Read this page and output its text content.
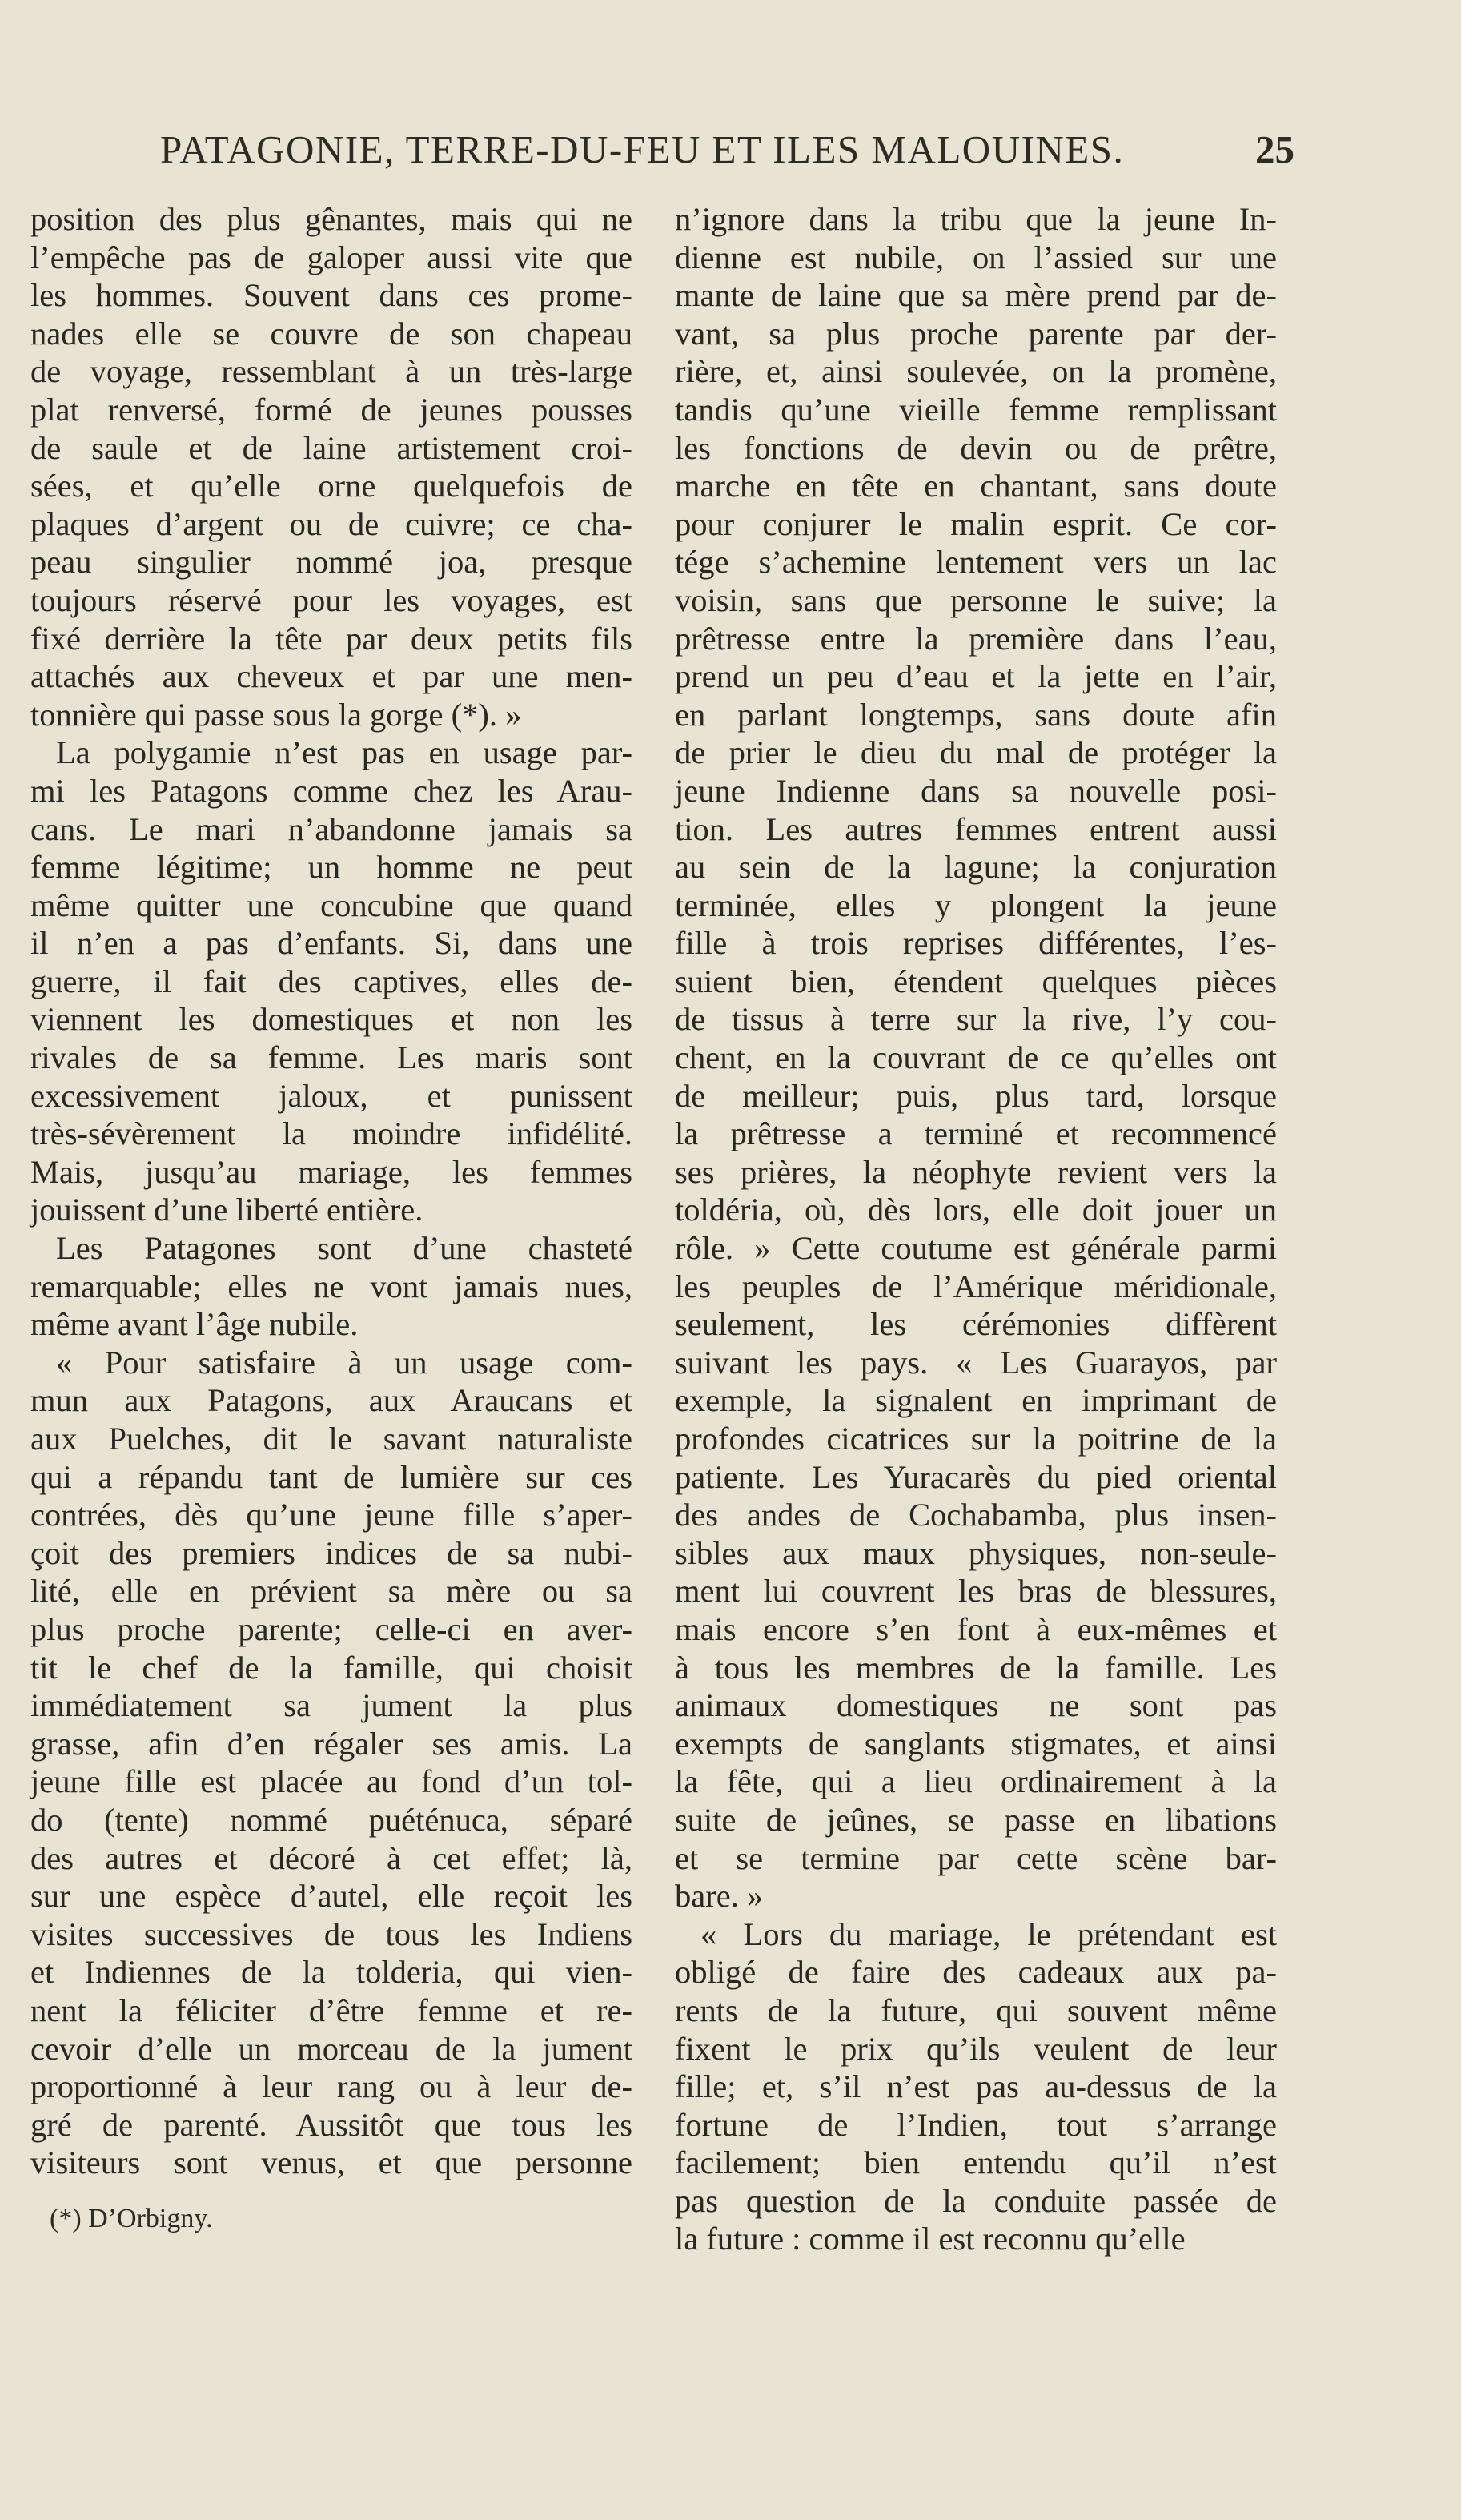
PATAGONIE, TERRE-DU-FEU ET ILES MALOUINES.	25
position des plus gênantes, mais qui ne
l’empêche pas de galoper aussi vite que
les hommes. Souvent dans ces prome-
nades elle se couvre de son chapeau
de voyage, ressemblant à un très-large
plat renversé, formé de jeunes pousses
de saule et de laine artistement croi-
sées, et qu’elle orne quelquefois de
plaques d’argent ou de cuivre; ce cha-
peau singulier nommé joa, presque
toujours réservé pour les voyages, est
fixé derrière la tête par deux petits fils
attachés aux cheveux et par une men-
tonnière qui passe sous la gorge (*). »
La polygamie n’est pas en usage par-
mi les Patagons comme chez les Arau-
cans. Le mari n’abandonne jamais sa
femme légitime; un homme ne peut
même quitter une concubine que quand
il n’en a pas d’enfants. Si, dans une
guerre, il fait des captives, elles de-
viennent les domestiques et non les
rivales de sa femme. Les maris sont
excessivement jaloux, et punissent
très-sévèrement la moindre infidélité.
Mais, jusqu’au mariage, les femmes
jouissent d’une liberté entière.
Les Patagones sont d’une chasteté
remarquable; elles ne vont jamais nues,
même avant l’âge nubile.
« Pour satisfaire à un usage com-
mun aux Patagons, aux Araucans et
aux Puelches, dit le savant naturaliste
qui a répandu tant de lumière sur ces
contrées, dès qu’une jeune fille s’aper-
çoit des premiers indices de sa nubi-
lité, elle en prévient sa mère ou sa
plus proche parente; celle-ci en aver-
tit le chef de la famille, qui choisit
immédiatement sa jument la plus
grasse, afin d’en régaler ses amis. La
jeune fille est placée au fond d’un tol-
do (tente) nommé puéténuca, séparé
des autres et décoré à cet effet; là,
sur une espèce d’autel, elle reçoit les
visites successives de tous les Indiens
et Indiennes de la tolderia, qui vien-
nent la féliciter d’être femme et re-
cevoir d’elle un morceau de la jument
proportionné à leur rang ou à leur de-
gré de parenté. Aussitôt que tous les
visiteurs sont venus, et que personne
n’ignore dans la tribu que la jeune In-
dienne est nubile, on l’assied sur une
mante de laine que sa mère prend par de-
vant, sa plus proche parente par der-
rière, et, ainsi soulevée, on la promène,
tandis qu’une vieille femme remplissant
les fonctions de devin ou de prêtre,
marche en tête en chantant, sans doute
pour conjurer le malin esprit. Ce cor-
tége s’achemine lentement vers un lac
voisin, sans que personne le suive; la
prêtresse entre la première dans l’eau,
prend un peu d’eau et la jette en l’air,
en parlant longtemps, sans doute afin
de prier le dieu du mal de protéger la
jeune Indienne dans sa nouvelle posi-
tion. Les autres femmes entrent aussi
au sein de la lagune; la conjuration
terminée, elles y plongent la jeune
fille à trois reprises différentes, l’es-
suient bien, étendent quelques pièces
de tissus à terre sur la rive, l’y cou-
chent, en la couvrant de ce qu’elles ont
de meilleur; puis, plus tard, lorsque
la prêtresse a terminé et recommencé
ses prières, la néophyte revient vers la
toldéria, où, dès lors, elle doit jouer un
rôle. » Cette coutume est générale parmi
les peuples de l’Amérique méridionale,
seulement, les cérémonies diffèrent
suivant les pays. « Les Guarayos, par
exemple, la signalent en imprimant de
profondes cicatrices sur la poitrine de la
patiente. Les Yuracarès du pied oriental
des andes de Cochabamba, plus insen-
sibles aux maux physiques, non-seule-
ment lui couvrent les bras de blessures,
mais encore s’en font à eux-mêmes et
à tous les membres de la famille. Les
animaux domestiques ne sont pas
exempts de sanglants stigmates, et ainsi
la fête, qui a lieu ordinairement à la
suite de jeûnes, se passe en libations
et se termine par cette scène bar-
bare. »
« Lors du mariage, le prétendant est
obligé de faire des cadeaux aux pa-
rents de la future, qui souvent même
fixent le prix qu’ils veulent de leur
fille; et, s’il n’est pas au-dessus de la
fortune de l’Indien, tout s’arrange
facilement; bien entendu qu’il n’est
pas question de la conduite passée de
la future : comme il est reconnu qu’elle
(*) D’Orbigny.
